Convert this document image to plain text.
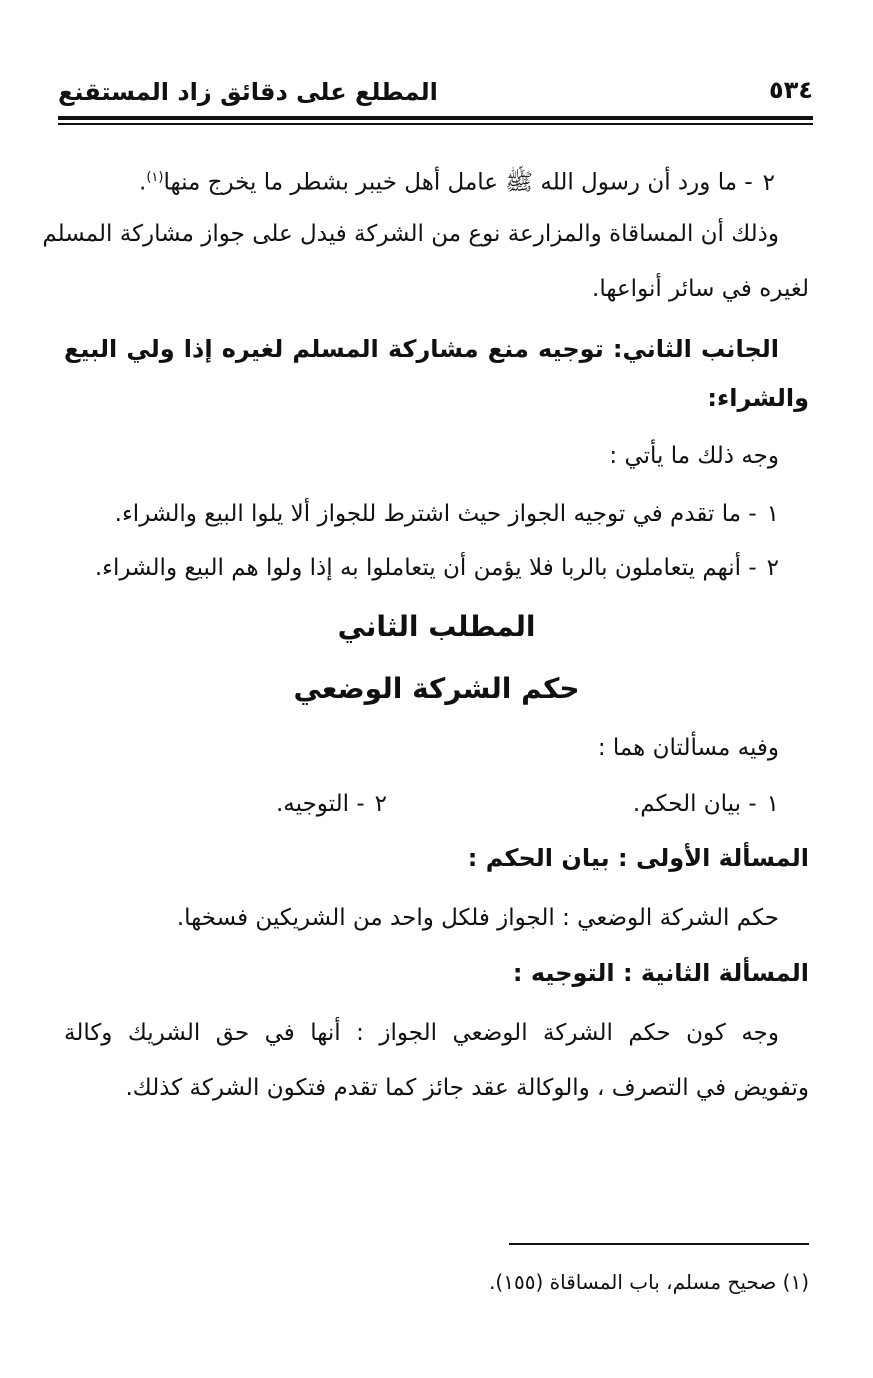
٥٣٤
المطلع على دقائق زاد المستقنع
٢- ما ورد أن رسول الله ﷺ عامل أهل خيبر بشطر ما يخرج منها$^{(١)}$.
وذلك أن المساقاة والمزارعة نوع من الشركة فيدل على جواز مشاركة المسلم
لغيره في سائر أنواعها.
الجانب الثاني: توجيه منع مشاركة المسلم لغيره إذا ولي البيع
والشراء:
وجه ذلك ما يأتي :
١- ما تقدم في توجيه الجواز حيث اشترط للجواز ألا يلوا البيع والشراء.
٢- أنهم يتعاملون بالربا فلا يؤمن أن يتعاملوا به إذا ولوا هم البيع والشراء.
المطلب الثاني
حكم الشركة الوضعي
وفيه مسألتان هما :
١- بيان الحكم.
٢- التوجيه.
المسألة الأولى : بيان الحكم :
حكم الشركة الوضعي : الجواز فلكل واحد من الشريكين فسخها.
المسألة الثانية : التوجيه :
وجه كون حكم الشركة الوضعي الجواز : أنها في حق الشريك وكالة
وتفويض في التصرف ، والوكالة عقد جائز كما تقدم فتكون الشركة كذلك.
(١) صحيح مسلم، باب المساقاة (١٥٥).
